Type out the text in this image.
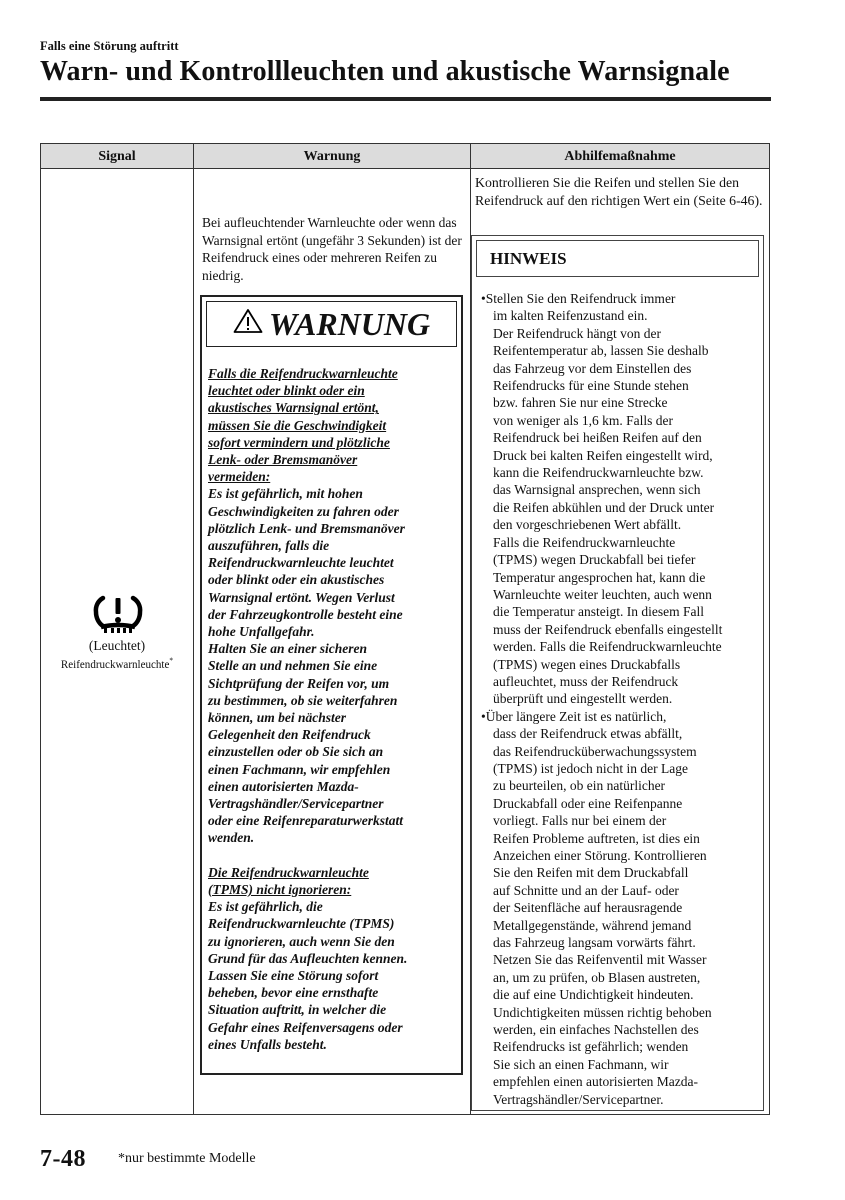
Falls eine Störung auftritt
Warn- und Kontrollleuchten und akustische Warnsignale
Signal	Warnung	Abhilfemaßnahme
(Leuchtet)
Reifendruckwarnleuchte*
Bei aufleuchtender Warnleuchte oder wenn das Warnsignal ertönt (ungefähr 3 Sekunden) ist der Reifendruck eines oder mehreren Reifen zu niedrig.
WARNUNG
Falls die Reifendruckwarnleuchte
leuchtet oder blinkt oder ein
akustisches Warnsignal ertönt,
müssen Sie die Geschwindigkeit
sofort vermindern und plötzliche
Lenk- oder Bremsmanöver
vermeiden:
Es ist gefährlich, mit hohen
Geschwindigkeiten zu fahren oder
plötzlich Lenk- und Bremsmanöver
auszuführen, falls die
Reifendruckwarnleuchte leuchtet
oder blinkt oder ein akustisches
Warnsignal ertönt. Wegen Verlust
der Fahrzeugkontrolle besteht eine
hohe Unfallgefahr.
Halten Sie an einer sicheren
Stelle an und nehmen Sie eine
Sichtprüfung der Reifen vor, um
zu bestimmen, ob sie weiterfahren
können, um bei nächster
Gelegenheit den Reifendruck
einzustellen oder ob Sie sich an
einen Fachmann, wir empfehlen
einen autorisierten Mazda-
Vertragshändler/Servicepartner
oder eine Reifenreparaturwerkstatt
wenden.
Die Reifendruckwarnleuchte
(TPMS) nicht ignorieren:
Es ist gefährlich, die
Reifendruckwarnleuchte (TPMS)
zu ignorieren, auch wenn Sie den
Grund für das Aufleuchten kennen.
Lassen Sie eine Störung sofort
beheben, bevor eine ernsthafte
Situation auftritt, in welcher die
Gefahr eines Reifenversagens oder
eines Unfalls besteht.
Kontrollieren Sie die Reifen und stellen Sie den Reifendruck auf den richtigen Wert ein (Seite 6-46).
HINWEIS
•Stellen Sie den Reifendruck immer
im kalten Reifenzustand ein.
Der Reifendruck hängt von der
Reifentemperatur ab, lassen Sie deshalb
das Fahrzeug vor dem Einstellen des
Reifendrucks für eine Stunde stehen
bzw. fahren Sie nur eine Strecke
von weniger als 1,6 km. Falls der
Reifendruck bei heißen Reifen auf den
Druck bei kalten Reifen eingestellt wird,
kann die Reifendruckwarnleuchte bzw.
das Warnsignal ansprechen, wenn sich
die Reifen abkühlen und der Druck unter
den vorgeschriebenen Wert abfällt.
Falls die Reifendruckwarnleuchte
(TPMS) wegen Druckabfall bei tiefer
Temperatur angesprochen hat, kann die
Warnleuchte weiter leuchten, auch wenn
die Temperatur ansteigt. In diesem Fall
muss der Reifendruck ebenfalls eingestellt
werden. Falls die Reifendruckwarnleuchte
(TPMS) wegen eines Druckabfalls
aufleuchtet, muss der Reifendruck
überprüft und eingestellt werden.
•Über längere Zeit ist es natürlich,
dass der Reifendruck etwas abfällt,
das Reifendrucküberwachungssystem
(TPMS) ist jedoch nicht in der Lage
zu beurteilen, ob ein natürlicher
Druckabfall oder eine Reifenpanne
vorliegt. Falls nur bei einem der
Reifen Probleme auftreten, ist dies ein
Anzeichen einer Störung. Kontrollieren
Sie den Reifen mit dem Druckabfall
auf Schnitte und an der Lauf- oder
der Seitenfläche auf herausragende
Metallgegenstände, während jemand
das Fahrzeug langsam vorwärts fährt.
Netzen Sie das Reifenventil mit Wasser
an, um zu prüfen, ob Blasen austreten,
die auf eine Undichtigkeit hindeuten.
Undichtigkeiten müssen richtig behoben
werden, ein einfaches Nachstellen des
Reifendrucks ist gefährlich; wenden
Sie sich an einen Fachmann, wir
empfehlen einen autorisierten Mazda-
Vertragshändler/Servicepartner.
7-48 *nur bestimmte Modelle
